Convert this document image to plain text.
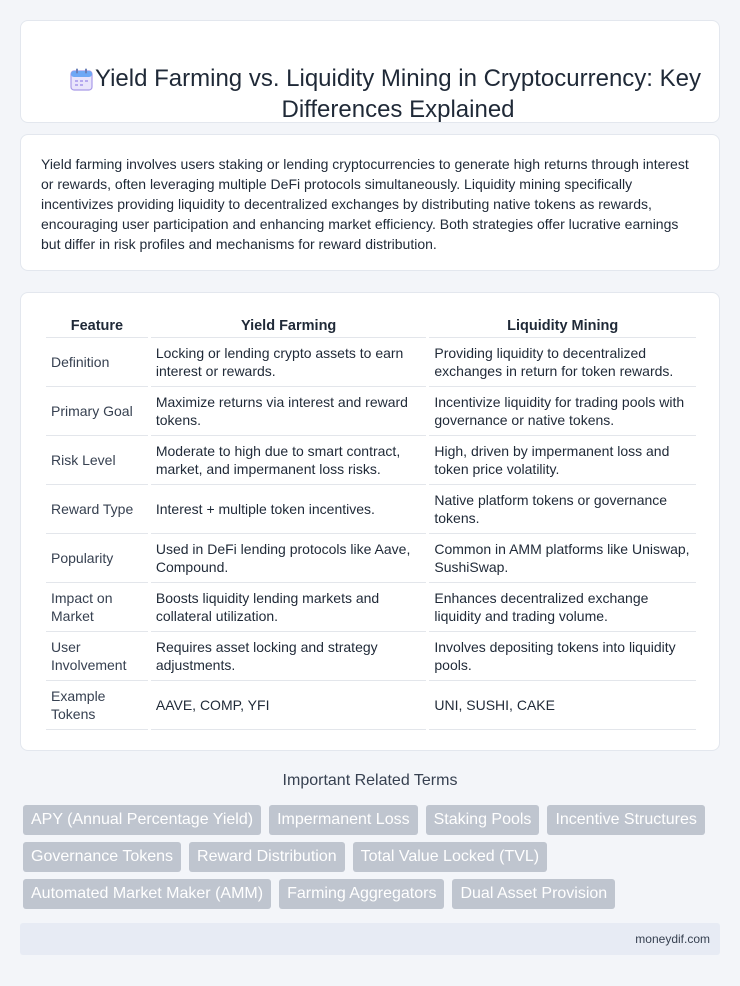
Yield Farming vs. Liquidity Mining in Cryptocurrency: Key Differences Explained

Yield farming involves users staking or lending cryptocurrencies to generate high returns through interest or rewards, often leveraging multiple DeFi protocols simultaneously. Liquidity mining specifically incentivizes providing liquidity to decentralized exchanges by distributing native tokens as rewards, encouraging user participation and enhancing market efficiency. Both strategies offer lucrative earnings but differ in risk profiles and mechanisms for reward distribution.

Feature	Yield Farming	Liquidity Mining
Definition	Locking or lending crypto assets to earn interest or rewards.	Providing liquidity to decentralized exchanges in return for token rewards.
Primary Goal	Maximize returns via interest and reward tokens.	Incentivize liquidity for trading pools with governance or native tokens.
Risk Level	Moderate to high due to smart contract, market, and impermanent loss risks.	High, driven by impermanent loss and token price volatility.
Reward Type	Interest + multiple token incentives.	Native platform tokens or governance tokens.
Popularity	Used in DeFi lending protocols like Aave, Compound.	Common in AMM platforms like Uniswap, SushiSwap.
Impact on Market	Boosts liquidity lending markets and collateral utilization.	Enhances decentralized exchange liquidity and trading volume.
User Involvement	Requires asset locking and strategy adjustments.	Involves depositing tokens into liquidity pools.
Example Tokens	AAVE, COMP, YFI	UNI, SUSHI, CAKE
Important Related Terms
APY (Annual Percentage Yield)	Impermanent Loss	Staking Pools	Incentive Structures
Governance Tokens	Reward Distribution	Total Value Locked (TVL)
Automated Market Maker (AMM)	Farming Aggregators	Dual Asset Provision
moneydif.com
